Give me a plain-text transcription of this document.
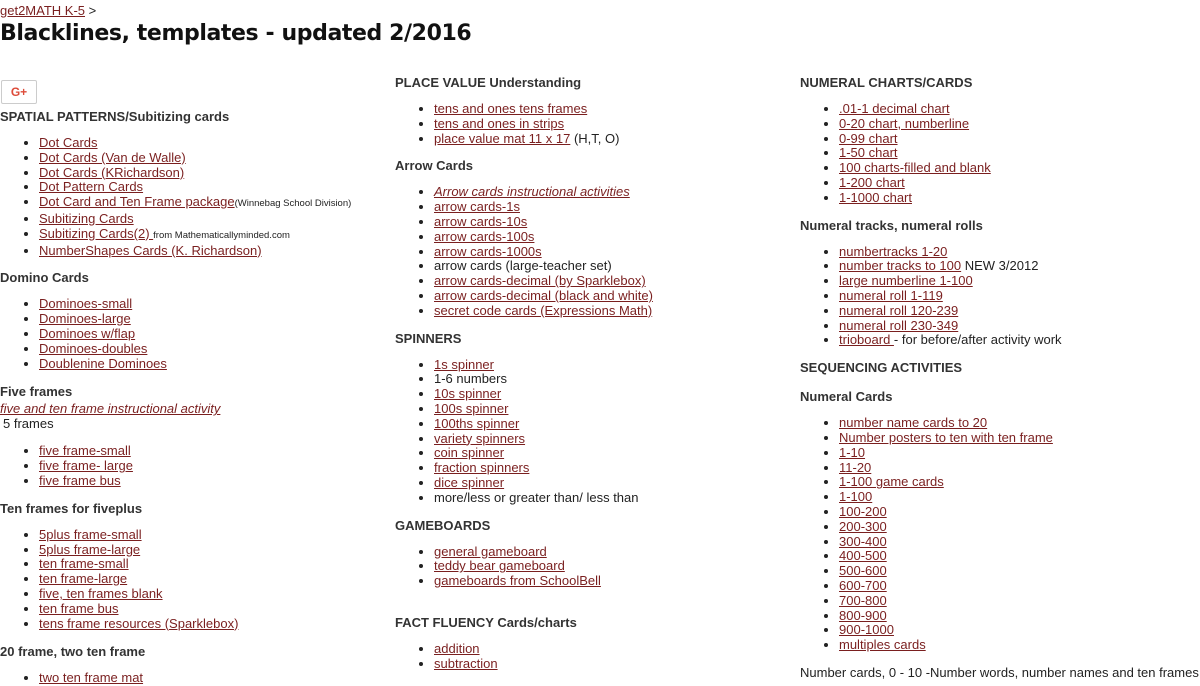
get2MATH K-5 >
Blacklines, templates - updated 2/2016
G+
SPATIAL PATTERNS/Subitizing cards
• Dot Cards
• Dot Cards (Van de Walle)
• Dot Cards (KRichardson)
• Dot Pattern Cards
• Dot Card and Ten Frame package(Winnebag School Division)
• Subitizing Cards
• Subitizing Cards(2) from Mathematicallyminded.com
• NumberShapes Cards (K. Richardson)
Domino Cards
• Dominoes-small
• Dominoes-large
• Dominoes w/flap
• Dominoes-doubles
• Doublenine Dominoes
Five frames
five and ten frame instructional activity
5 frames
• five frame-small
• five frame- large
• five frame bus
Ten frames for fiveplus
• 5plus frame-small
• 5plus frame-large
• ten frame-small
• ten frame-large
• five, ten frames blank
• ten frame bus
• tens frame resources (Sparklebox)
20 frame, two ten frame
• two ten frame mat
PLACE VALUE Understanding
• tens and ones tens frames
• tens and ones in strips
• place value mat 11 x 17 (H,T, O)
Arrow Cards
• Arrow cards instructional activities
• arrow cards-1s
• arrow cards-10s
• arrow cards-100s
• arrow cards-1000s
• arrow cards (large-teacher set)
• arrow cards-decimal (by Sparklebox)
• arrow cards-decimal (black and white)
• secret code cards (Expressions Math)
SPINNERS
• 1s spinner
• 1-6 numbers
• 10s spinner
• 100s spinner
• 100ths spinner
• variety spinners
• coin spinner
• fraction spinners
• dice spinner
• more/less or greater than/ less than
GAMEBOARDS
• general gameboard
• teddy bear gameboard
• gameboards from SchoolBell
FACT FLUENCY Cards/charts
• addition
• subtraction
NUMERAL CHARTS/CARDS
• .01-1 decimal chart
• 0-20 chart, numberline
• 0-99 chart
• 1-50 chart
• 100 charts-filled and blank
• 1-200 chart
• 1-1000 chart
Numeral tracks, numeral rolls
• numbertracks 1-20
• number tracks to 100 NEW 3/2012
• large numberline 1-100
• numeral roll 1-119
• numeral roll 120-239
• numeral roll 230-349
• trioboard - for before/after activity work
SEQUENCING ACTIVITIES
Numeral Cards
• number name cards to 20
• Number posters to ten with ten frame
• 1-10
• 11-20
• 1-100 game cards
• 1-100
• 100-200
• 200-300
• 300-400
• 400-500
• 500-600
• 600-700
• 700-800
• 800-900
• 900-1000
• multiples cards
Number cards, 0 - 10 -Number words, number names and ten frames
